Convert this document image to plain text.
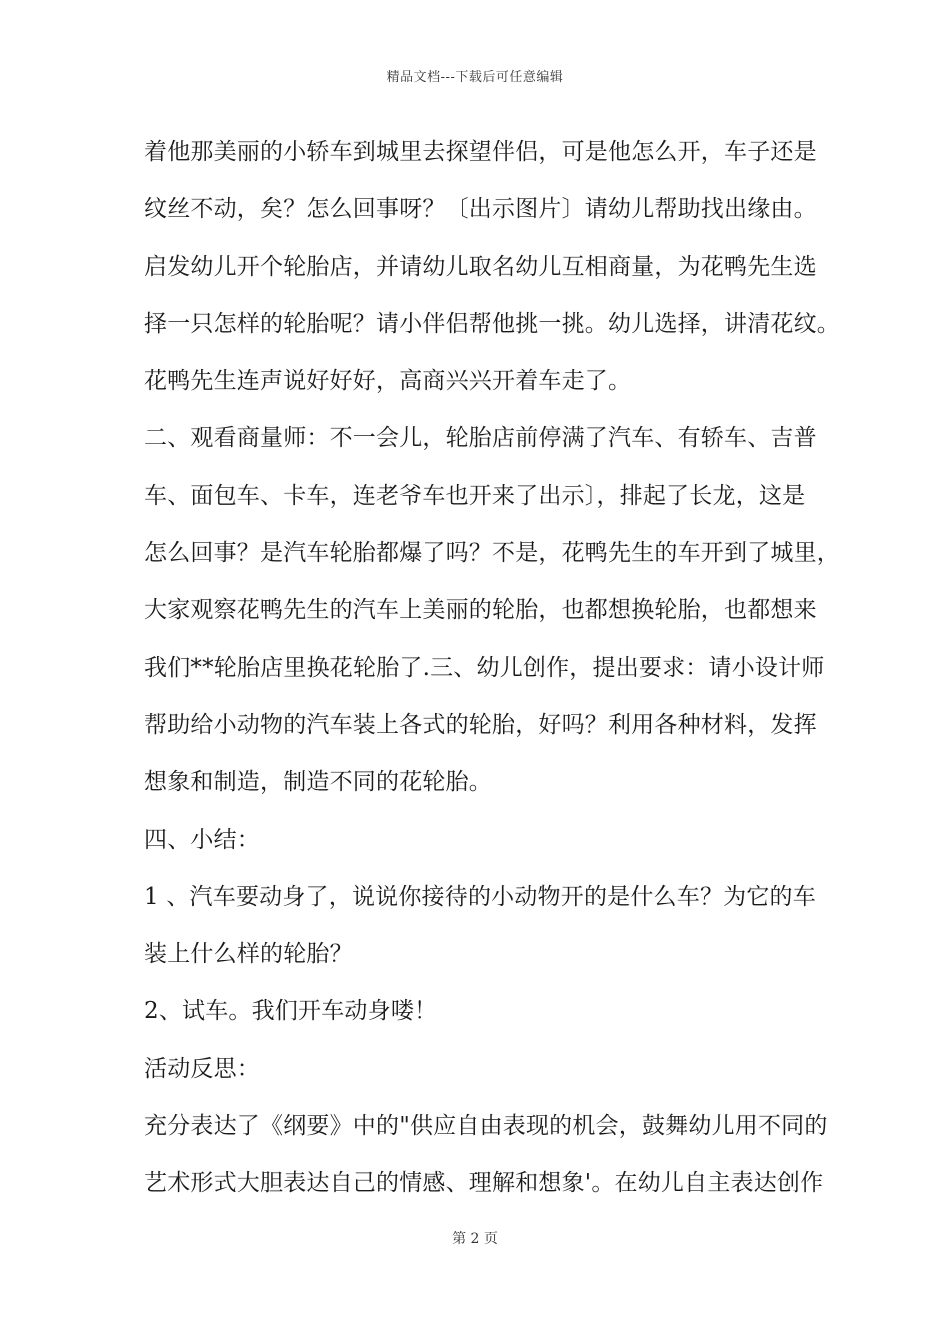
精品文档---下载后可任意编辑
着他那美丽的小轿车到城里去探望伴侣，可是他怎么开，车子还是
纹丝不动，矣？怎么回事呀？〔出示图片〕请幼儿帮助找出缘由。
启发幼儿开个轮胎店，并请幼儿取名幼儿互相商量，为花鸭先生选
择一只怎样的轮胎呢？请小伴侣帮他挑一挑。幼儿选择，讲清花纹。
花鸭先生连声说好好好，高商兴兴开着车走了。
二、观看商量师：不一会儿，轮胎店前停满了汽车、有轿车、吉普
车、面包车、卡车，连老爷车也开来了出示〕，排起了长龙，这是
怎么回事？是汽车轮胎都爆了吗？不是，花鸭先生的车开到了城里，
大家观察花鸭先生的汽车上美丽的轮胎，也都想换轮胎，也都想来
我们**轮胎店里换花轮胎了.三、幼儿创作，提出要求：请小设计师
帮助给小动物的汽车装上各式的轮胎，好吗？利用各种材料，发挥
想象和制造，制造不同的花轮胎。
四、小结：
1 、汽车要动身了，说说你接待的小动物开的是什么车？为它的车
装上什么样的轮胎？
2、试车。我们开车动身喽！
活动反思：
充分表达了《纲要》中的"供应自由表现的机会，鼓舞幼儿用不同的
艺术形式大胆表达自己的情感、理解和想象'。在幼儿自主表达创作
第 2 页
